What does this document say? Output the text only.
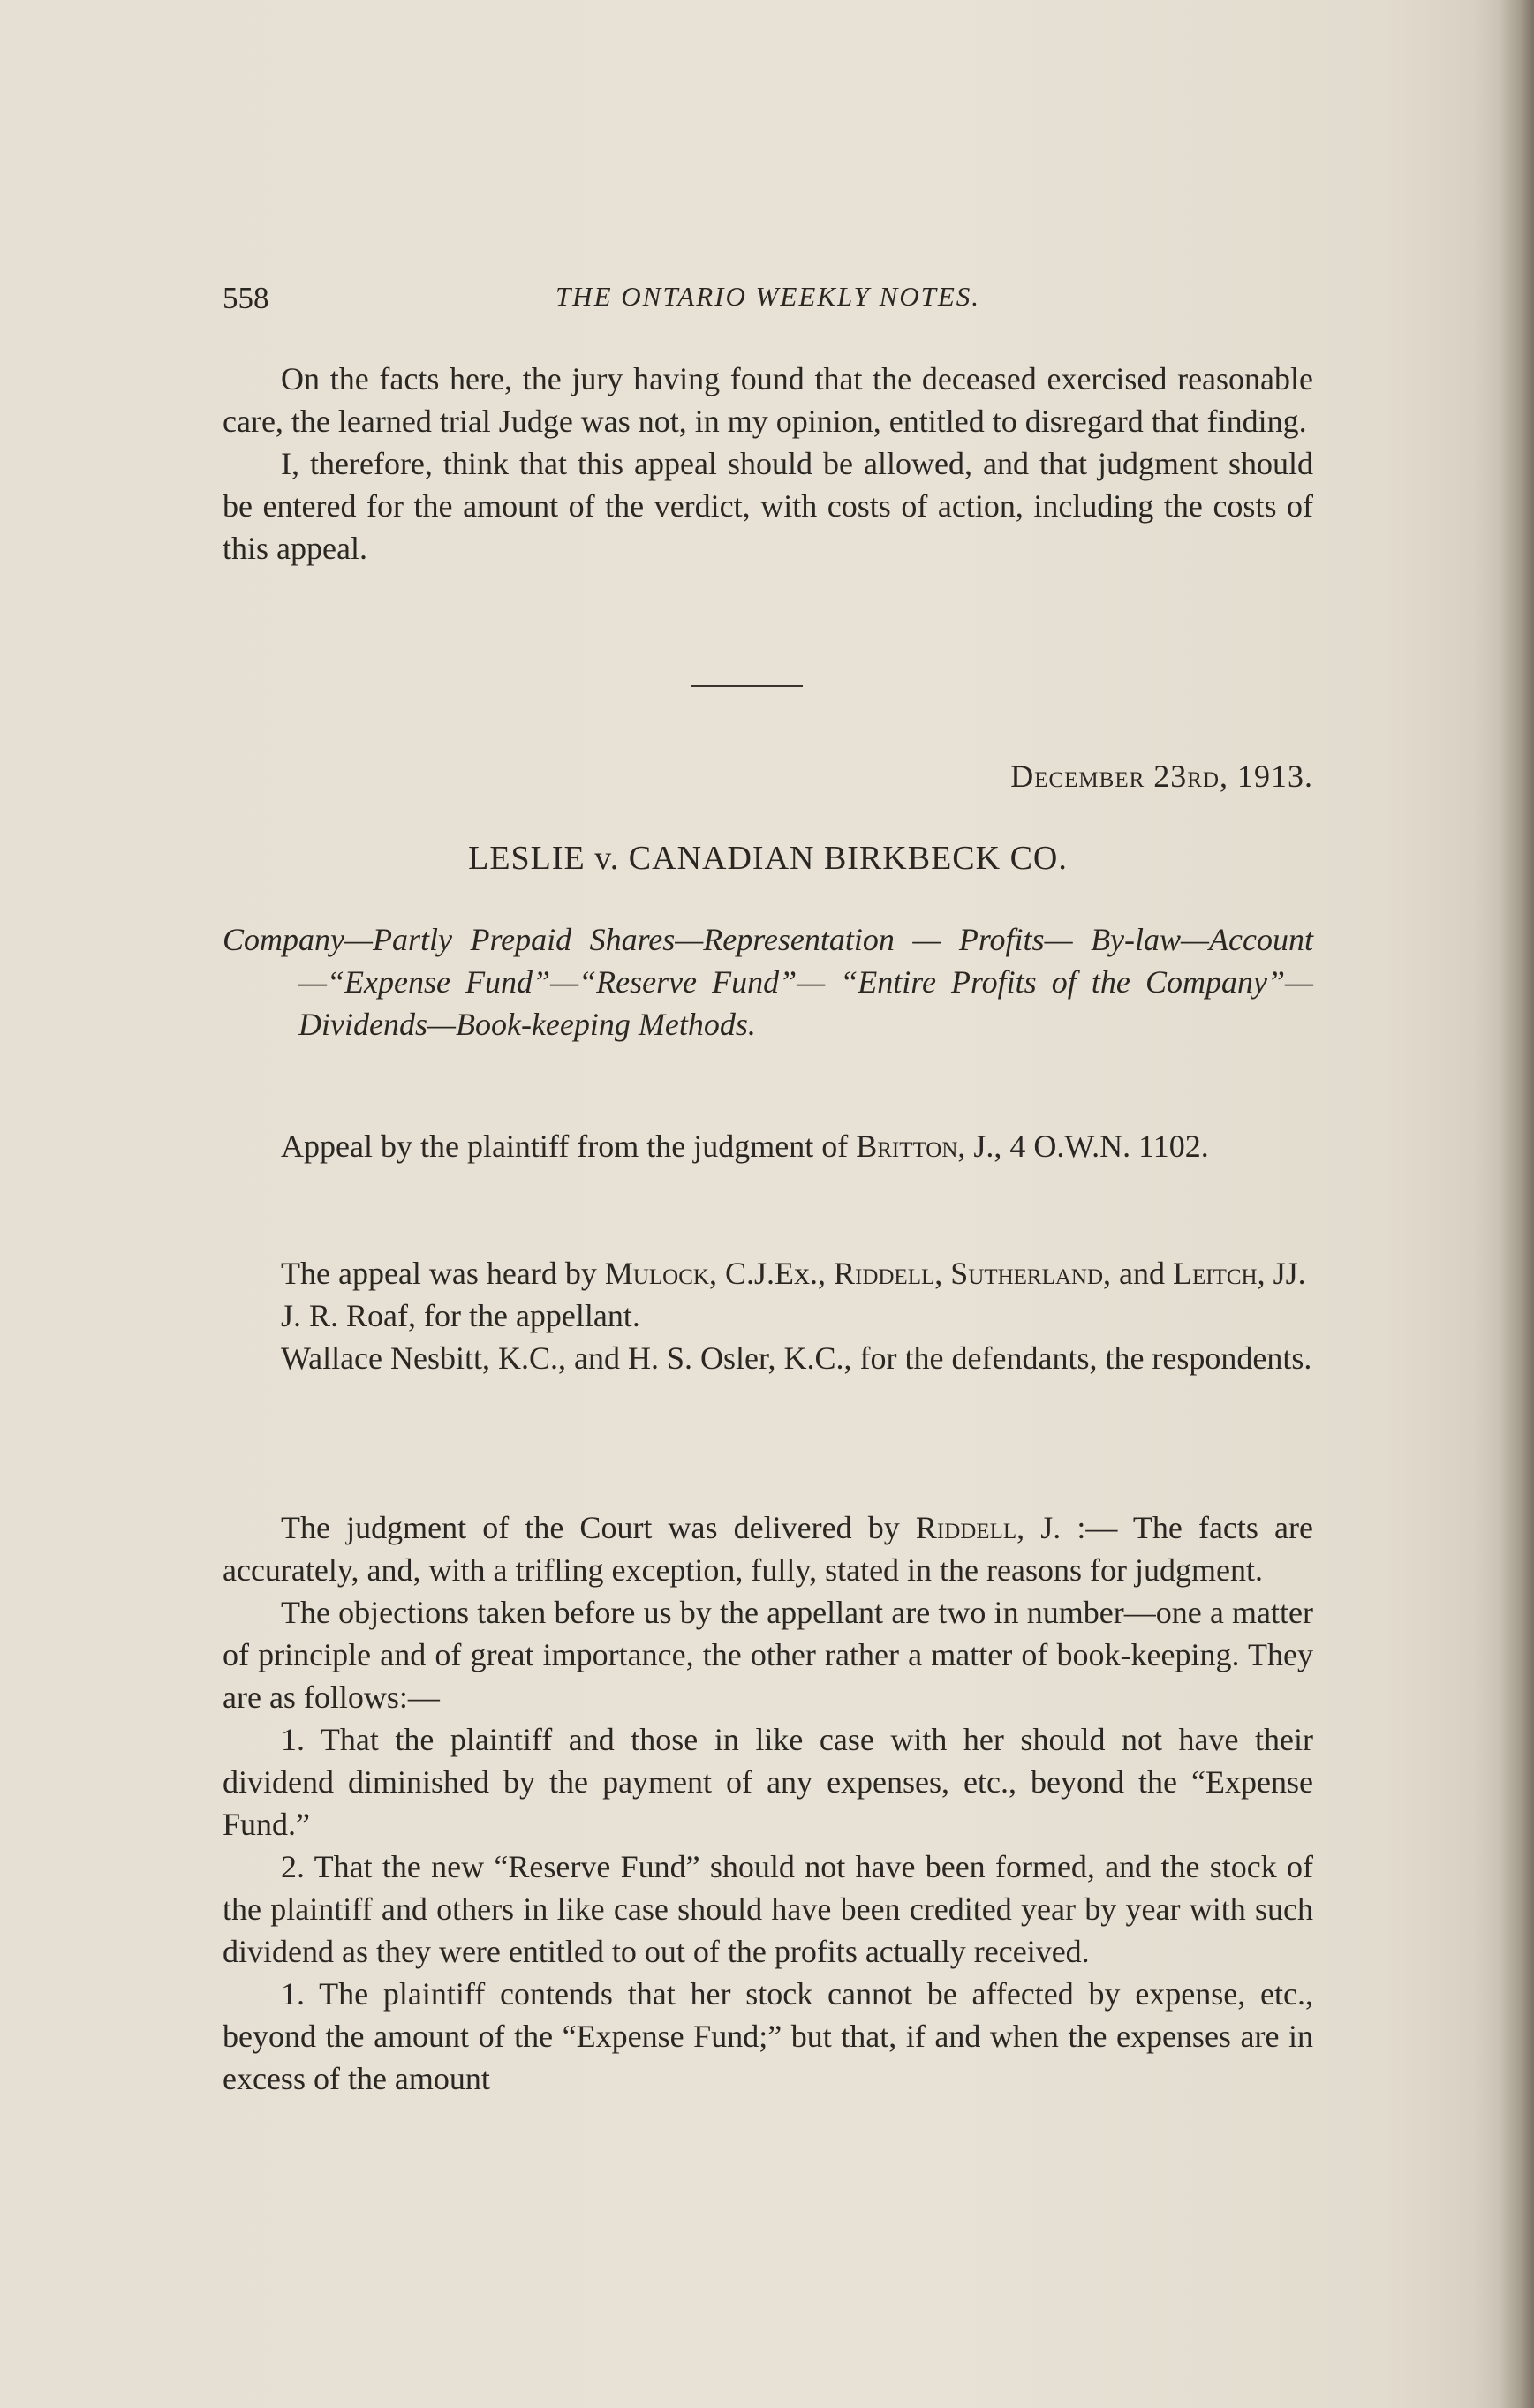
558	THE ONTARIO WEEKLY NOTES.

On the facts here, the jury having found that the deceased exercised reasonable care, the learned trial Judge was not, in my opinion, entitled to disregard that finding.

I, therefore, think that this appeal should be allowed, and that judgment should be entered for the amount of the verdict, with costs of action, including the costs of this appeal.

December 23rd, 1913.
LESLIE v. CANADIAN BIRKBECK CO.
Company—Partly Prepaid Shares—Representation — Profits— By-law—Account—“Expense Fund”—“Reserve Fund”— “Entire Profits of the Company”—Dividends—Book-keeping Methods.

Appeal by the plaintiff from the judgment of Britton, J., 4 O.W.N. 1102.

The appeal was heard by Mulock, C.J.Ex., Riddell, Sutherland, and Leitch, JJ.

J. R. Roaf, for the appellant.

Wallace Nesbitt, K.C., and H. S. Osler, K.C., for the defendants, the respondents.

The judgment of the Court was delivered by Riddell, J. :— The facts are accurately, and, with a trifling exception, fully, stated in the reasons for judgment.

The objections taken before us by the appellant are two in number—one a matter of principle and of great importance, the other rather a matter of book-keeping. They are as follows:—

1. That the plaintiff and those in like case with her should not have their dividend diminished by the payment of any expenses, etc., beyond the “Expense Fund.”

2. That the new “Reserve Fund” should not have been formed, and the stock of the plaintiff and others in like case should have been credited year by year with such dividend as they were entitled to out of the profits actually received.

1. The plaintiff contends that her stock cannot be affected by expense, etc., beyond the amount of the “Expense Fund;” but that, if and when the expenses are in excess of the amount
